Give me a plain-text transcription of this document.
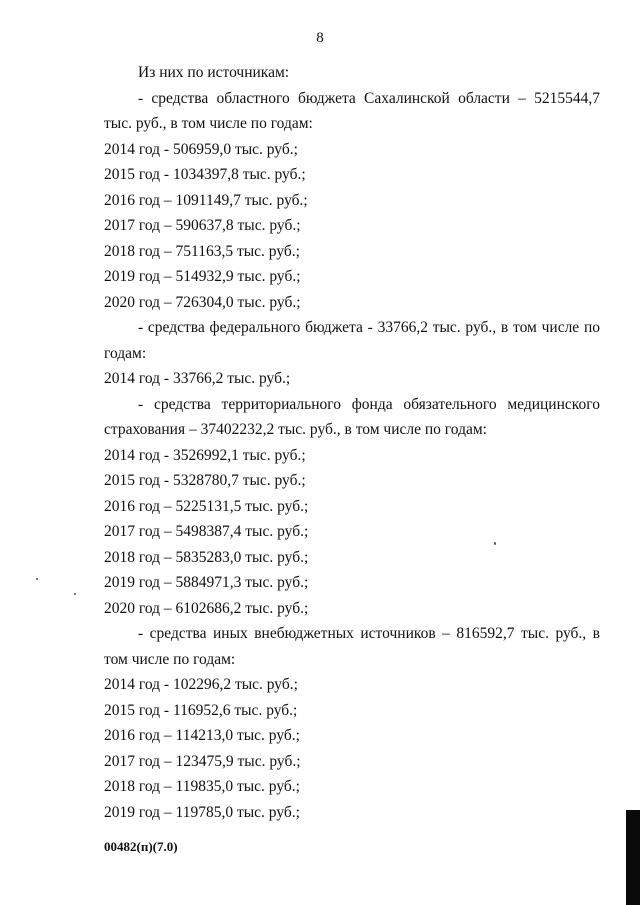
8

Из них по источникам:

- средства областного бюджета Сахалинской области – 5215544,7 тыс. руб., в том числе по годам:

2014 год - 506959,0 тыс. руб.;

2015 год - 1034397,8 тыс. руб.;

2016 год – 1091149,7 тыс. руб.;

2017 год – 590637,8 тыс. руб.;

2018 год – 751163,5 тыс. руб.;

2019 год – 514932,9 тыс. руб.;

2020 год – 726304,0 тыс. руб.;

- средства федерального бюджета - 33766,2 тыс. руб., в том числе по годам:

2014 год - 33766,2 тыс. руб.;

- средства территориального фонда обязательного медицинского страхования – 37402232,2 тыс. руб., в том числе по годам:

2014 год - 3526992,1 тыс. руб.;

2015 год - 5328780,7 тыс. руб.;

2016 год – 5225131,5 тыс. руб.;

2017 год – 5498387,4 тыс. руб.;

2018 год – 5835283,0 тыс. руб.;

2019 год – 5884971,3 тыс. руб.;

2020 год – 6102686,2 тыс. руб.;

- средства иных внебюджетных источников – 816592,7 тыс. руб., в том числе по годам:

2014 год - 102296,2 тыс. руб.;

2015 год - 116952,6 тыс. руб.;

2016 год – 114213,0 тыс. руб.;

2017 год – 123475,9 тыс. руб.;

2018 год – 119835,0 тыс. руб.;

2019 год – 119785,0 тыс. руб.;

00482(п)(7.0)
